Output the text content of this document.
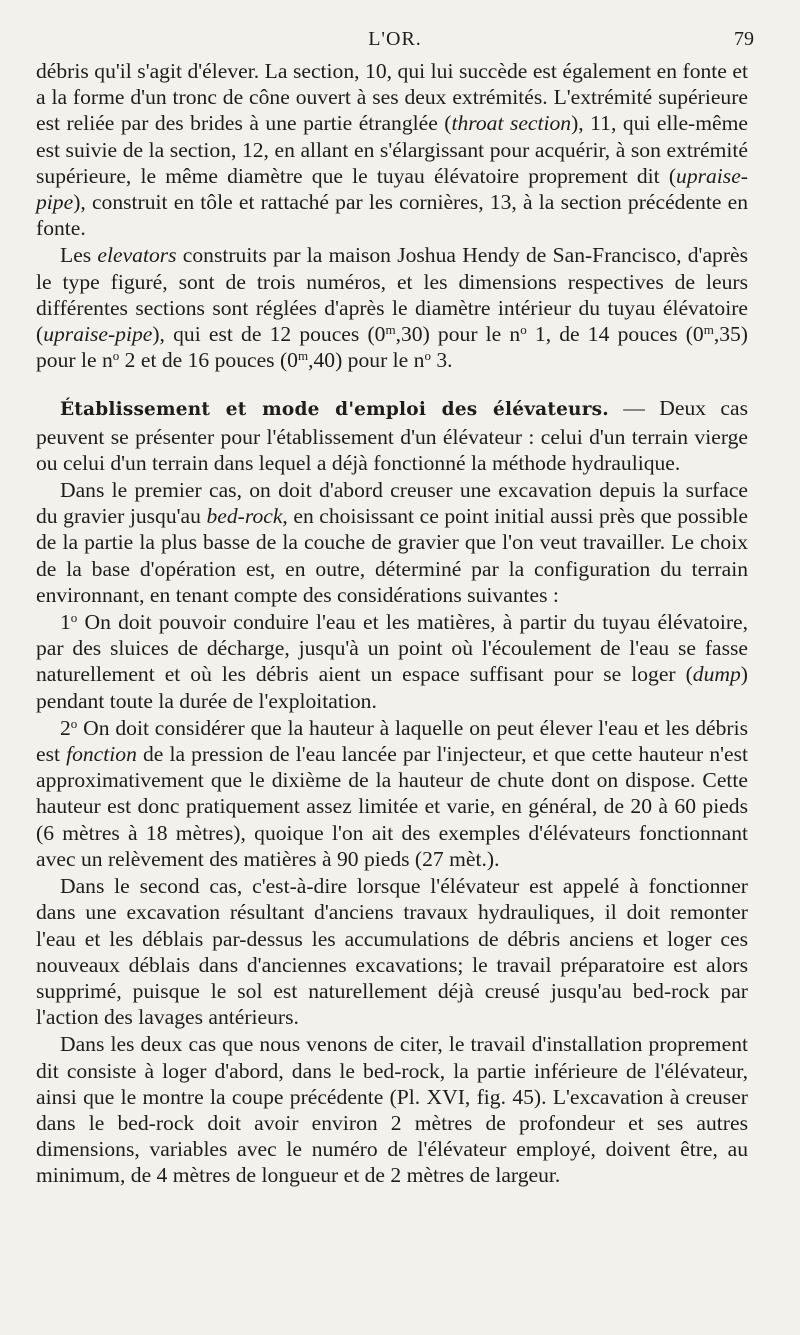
L'OR.	79

débris qu'il s'agit d'élever. La section, 10, qui lui succède est également en fonte et a la forme d'un tronc de cône ouvert à ses deux extrémités. L'extrémité supérieure est reliée par des brides à une partie étranglée (throat section), 11, qui elle-même est suivie de la section, 12, en allant en s'élargissant pour acquérir, à son extrémité supérieure, le même diamètre que le tuyau élévatoire proprement dit (upraise-pipe), construit en tôle et rattaché par les cornières, 13, à la section précédente en fonte.

Les elevators construits par la maison Joshua Hendy de San-Francisco, d'après le type figuré, sont de trois numéros, et les dimensions respectives de leurs différentes sections sont réglées d'après le diamètre intérieur du tuyau élévatoire (upraise-pipe), qui est de 12 pouces (0$^m$,30) pour le $n^o$ 1, de 14 pouces (0$^m$,35) pour le $n^o$ 2 et de 16 pouces (0$^m$,40) pour le $n^o$ 3.

Établissement et mode d'emploi des élévateurs. — Deux cas peuvent se présenter pour l'établissement d'un élévateur : celui d'un terrain vierge ou celui d'un terrain dans lequel a déjà fonctionné la méthode hydraulique.

Dans le premier cas, on doit d'abord creuser une excavation depuis la surface du gravier jusqu'au bed-rock, en choisissant ce point initial aussi près que possible de la partie la plus basse de la couche de gravier que l'on veut travailler. Le choix de la base d'opération est, en outre, déterminé par la configuration du terrain environnant, en tenant compte des considérations suivantes :

1$^o$ On doit pouvoir conduire l'eau et les matières, à partir du tuyau élévatoire, par des sluices de décharge, jusqu'à un point où l'écoulement de l'eau se fasse naturellement et où les débris aient un espace suffisant pour se loger (dump) pendant toute la durée de l'exploitation.

2$^o$ On doit considérer que la hauteur à laquelle on peut élever l'eau et les débris est fonction de la pression de l'eau lancée par l'injecteur, et que cette hauteur n'est approximativement que le dixième de la hauteur de chute dont on dispose. Cette hauteur est donc pratiquement assez limitée et varie, en général, de 20 à 60 pieds (6 mètres à 18 mètres), quoique l'on ait des exemples d'élévateurs fonctionnant avec un relèvement des matières à 90 pieds (27 mèt.).

Dans le second cas, c'est-à-dire lorsque l'élévateur est appelé à fonctionner dans une excavation résultant d'anciens travaux hydrauliques, il doit remonter l'eau et les déblais par-dessus les accumulations de débris anciens et loger ces nouveaux déblais dans d'anciennes excavations; le travail préparatoire est alors supprimé, puisque le sol est naturellement déjà creusé jusqu'au bed-rock par l'action des lavages antérieurs.

Dans les deux cas que nous venons de citer, le travail d'installation proprement dit consiste à loger d'abord, dans le bed-rock, la partie inférieure de l'élévateur, ainsi que le montre la coupe précédente (Pl. XVI, fig. 45). L'excavation à creuser dans le bed-rock doit avoir environ 2 mètres de profondeur et ses autres dimensions, variables avec le numéro de l'élévateur employé, doivent être, au minimum, de 4 mètres de longueur et de 2 mètres de largeur.
